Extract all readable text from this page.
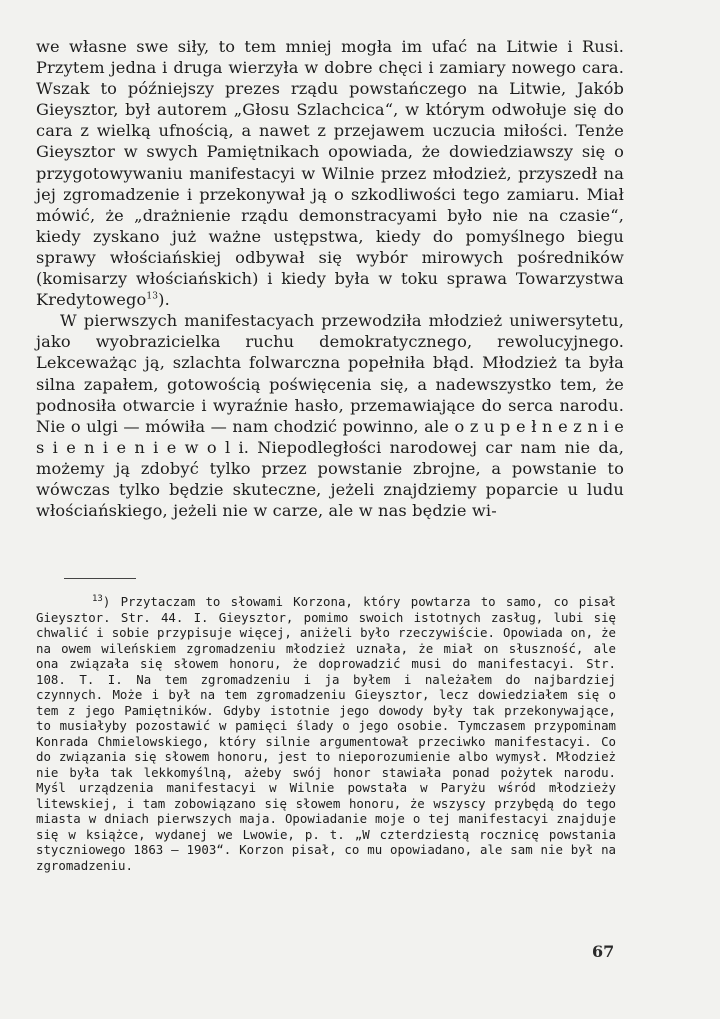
we własne swe siły, to tem mniej mogła im ufać na Litwie i Rusi. Przytem jedna i druga wierzyła w dobre chęci i zamiary nowego cara. Wszak to późniejszy prezes rządu powstańczego na Litwie, Jakób Gieysztor, był autorem „Głosu Szlachcica“, w którym odwołuje się do cara z wielką ufnością, a nawet z przejawem uczucia miłości. Tenże Gieysztor w swych Pamiętnikach opowiada, że dowiedziawszy się o przygotowywaniu manifestacyi w Wilnie przez młodzież, przyszedł na jej zgromadzenie i przekonywał ją o szkodliwości tego zamiaru. Miał mówić, że „drażnienie rządu demonstracyami było nie na czasie“, kiedy zyskano już ważne ustępstwa, kiedy do pomyślnego biegu sprawy włościańskiej odbywał się wybór mirowych pośredników (komisarzy włościańskich) i kiedy była w toku sprawa Towarzystwa Kredytowego$^{13}$).

W pierwszych manifestacyach przewodziła młodzież uniwersytetu, jako wyobrazicielka ruchu demokratycznego, rewolucyjnego. Lekceważąc ją, szlachta folwarczna popełniła błąd. Młodzież ta była silna zapałem, gotowością poświęcenia się, a nadewszystko tem, że podnosiła otwarcie i wyraźnie hasło, przemawiające do serca narodu. Nie o ulgi — mówiła — nam chodzić powinno, ale o z u p e ł n e z n i e s i e n i e n i e w o l i. Niepodległości narodowej car nam nie da, możemy ją zdobyć tylko przez powstanie zbrojne, a powstanie to wówczas tylko będzie skuteczne, jeżeli znajdziemy poparcie u ludu włościańskiego, jeżeli nie w carze, ale w nas będzie wi-

$^{13}$) Przytaczam to słowami Korzona, który powtarza to samo, co pisał Gieysztor. Str. 44. I. Gieysztor, pomimo swoich istotnych zasług, lubi się chwalić i sobie przypisuje więcej, aniżeli było rzeczywiście. Opowiada on, że na owem wileńskiem zgromadzeniu młodzież uznała, że miał on słuszność, ale ona związała się słowem honoru, że doprowadzić musi do manifestacyi. Str. 108. T. I. Na tem zgromadzeniu i ja byłem i należałem do najbardziej czynnych. Może i był na tem zgromadzeniu Gieysztor, lecz dowiedziałem się o tem z jego Pamiętników. Gdyby istotnie jego dowody były tak przekonywające, to musiałyby pozostawić w pamięci ślady o jego osobie. Tymczasem przypominam Konrada Chmielowskiego, który silnie argumentował przeciwko manifestacyi. Co do związania się słowem honoru, jest to nieporozumienie albo wymysł. Młodzież nie była tak lekkomyślną, ażeby swój honor stawiała ponad pożytek narodu. Myśl urządzenia manifestacyi w Wilnie powstała w Paryżu wśród młodzieży litewskiej, i tam zobowiązano się słowem honoru, że wszyscy przybędą do tego miasta w dniach pierwszych maja. Opowiadanie moje o tej manifestacyi znajduje się w książce, wydanej we Lwowie, p. t. „W czterdziestą rocznicę powstania styczniowego 1863 — 1903“. Korzon pisał, co mu opowiadano, ale sam nie był na zgromadzeniu.

67
